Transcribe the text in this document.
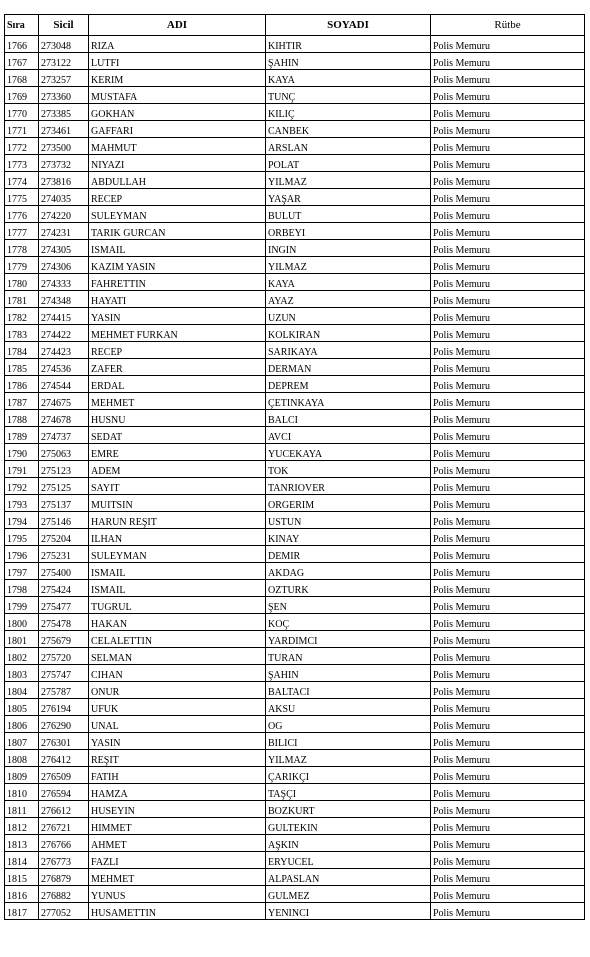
Sıra	Sicil	ADI	SOYADI	Rütbe
1766	273048	RIZA	KIHTIR	Polis Memuru
1767	273122	LUTFI	ŞAHIN	Polis Memuru
1768	273257	KERIM	KAYA	Polis Memuru
1769	273360	MUSTAFA	TUNÇ	Polis Memuru
1770	273385	GOKHAN	KILIÇ	Polis Memuru
1771	273461	GAFFARI	CANBEK	Polis Memuru
1772	273500	MAHMUT	ARSLAN	Polis Memuru
1773	273732	NIYAZI	POLAT	Polis Memuru
1774	273816	ABDULLAH	YILMAZ	Polis Memuru
1775	274035	RECEP	YAŞAR	Polis Memuru
1776	274220	SULEYMAN	BULUT	Polis Memuru
1777	274231	TARIK GURCAN	ORBEYI	Polis Memuru
1778	274305	ISMAIL	INGIN	Polis Memuru
1779	274306	KAZIM YASIN	YILMAZ	Polis Memuru
1780	274333	FAHRETTIN	KAYA	Polis Memuru
1781	274348	HAYATI	AYAZ	Polis Memuru
1782	274415	YASIN	UZUN	Polis Memuru
1783	274422	MEHMET FURKAN	KOLKIRAN	Polis Memuru
1784	274423	RECEP	SARIKAYA	Polis Memuru
1785	274536	ZAFER	DERMAN	Polis Memuru
1786	274544	ERDAL	DEPREM	Polis Memuru
1787	274675	MEHMET	ÇETINKAYA	Polis Memuru
1788	274678	HUSNU	BALCI	Polis Memuru
1789	274737	SEDAT	AVCI	Polis Memuru
1790	275063	EMRE	YUCEKAYA	Polis Memuru
1791	275123	ADEM	TOK	Polis Memuru
1792	275125	SAYIT	TANRIOVER	Polis Memuru
1793	275137	MUITSIN	ORGERIM	Polis Memuru
1794	275146	HARUN REŞIT	USTUN	Polis Memuru
1795	275204	ILHAN	KINAY	Polis Memuru
1796	275231	SULEYMAN	DEMIR	Polis Memuru
1797	275400	ISMAIL	AKDAG	Polis Memuru
1798	275424	ISMAIL	OZTURK	Polis Memuru
1799	275477	TUGRUL	ŞEN	Polis Memuru
1800	275478	HAKAN	KOÇ	Polis Memuru
1801	275679	CELALETTIN	YARDIMCI	Polis Memuru
1802	275720	SELMAN	TURAN	Polis Memuru
1803	275747	CIHAN	ŞAHIN	Polis Memuru
1804	275787	ONUR	BALTACI	Polis Memuru
1805	276194	UFUK	AKSU	Polis Memuru
1806	276290	UNAL	OG	Polis Memuru
1807	276301	YASIN	BILICI	Polis Memuru
1808	276412	REŞIT	YILMAZ	Polis Memuru
1809	276509	FATIH	ÇARIKÇI	Polis Memuru
1810	276594	HAMZA	TAŞÇI	Polis Memuru
1811	276612	HUSEYIN	BOZKURT	Polis Memuru
1812	276721	HIMMET	GULTEKIN	Polis Memuru
1813	276766	AHMET	AŞKIN	Polis Memuru
1814	276773	FAZLI	ERYUCEL	Polis Memuru
1815	276879	MEHMET	ALPASLAN	Polis Memuru
1816	276882	YUNUS	GULMEZ	Polis Memuru
1817	277052	HUSAMETTIN	YENINCI	Polis Memuru
